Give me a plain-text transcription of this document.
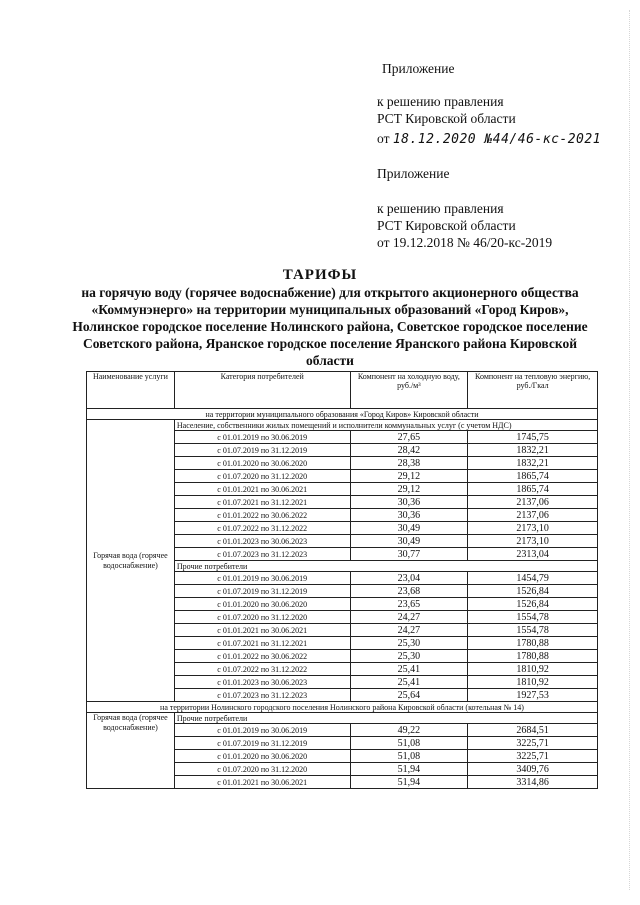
Приложение
к решению правления
РСТ Кировской области
от 18.12.2020 №44/46-кс-2021
Приложение
к решению правления
РСТ Кировской области
от 19.12.2018 № 46/20-кс-2019
ТАРИФЫ
на горячую воду (горячее водоснабжение) для открытого акционерного общества «Коммунэнерго» на территории муниципальных образований «Город Киров», Нолинское городское поселение Нолинского района, Советское городское поселение Советского района, Яранское городское поселение Яранского района Кировской области
Наименование услуги	Категория потребителей	Компонент на холодную воду, руб./м³	Компонент на тепловую энергию, руб./Гкал
на территории муниципального образования «Город Киров» Кировской области			
Горячая вода (горячее водоснабжение)	Население, собственники жилых помещений и исполнители коммунальных услуг (с учетом НДС)		
	с 01.01.2019 по 30.06.2019	27,65	1745,75
	с 01.07.2019 по 31.12.2019	28,42	1832,21
	с 01.01.2020 по 30.06.2020	28,38	1832,21
	с 01.07.2020 по 31.12.2020	29,12	1865,74
	с 01.01.2021 по 30.06.2021	29,12	1865,74
	с 01.07.2021 по 31.12.2021	30,36	2137,06
	с 01.01.2022 по 30.06.2022	30,36	2137,06
	с 01.07.2022 по 31.12.2022	30,49	2173,10
	с 01.01.2023 по 30.06.2023	30,49	2173,10
	с 01.07.2023 по 31.12.2023	30,77	2313,04
	Прочие потребители		
	с 01.01.2019 по 30.06.2019	23,04	1454,79
	с 01.07.2019 по 31.12.2019	23,68	1526,84
	с 01.01.2020 по 30.06.2020	23,65	1526,84
	с 01.07.2020 по 31.12.2020	24,27	1554,78
	с 01.01.2021 по 30.06.2021	24,27	1554,78
	с 01.07.2021 по 31.12.2021	25,30	1780,88
	с 01.01.2022 по 30.06.2022	25,30	1780,88
	с 01.07.2022 по 31.12.2022	25,41	1810,92
	с 01.01.2023 по 30.06.2023	25,41	1810,92
	с 01.07.2023 по 31.12.2023	25,64	1927,53
на территории Нолинского городского поселения Нолинского района Кировской области (котельная № 14)			
Горячая вода (горячее водоснабжение)	Прочие потребители		
	с 01.01.2019 по 30.06.2019	49,22	2684,51
	с 01.07.2019 по 31.12.2019	51,08	3225,71
	с 01.01.2020 по 30.06.2020	51,08	3225,71
	с 01.07.2020 по 31.12.2020	51,94	3409,76
	с 01.01.2021 по 30.06.2021	51,94	3314,86
